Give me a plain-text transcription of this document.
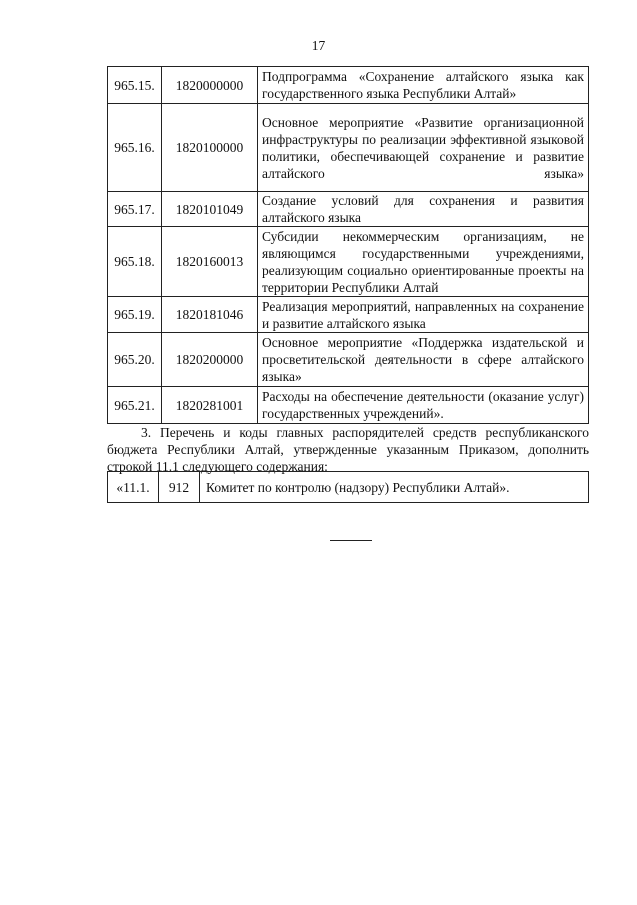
17
965.15.	1820000000	Подпрограмма «Сохранение алтайского языка как государственного языка Республики Алтай»
965.16.	1820100000	Основное мероприятие «Развитие организационной инфраструктуры по реализации эффективной языковой политики, обеспечивающей сохранение и развитие алтайского языка»
965.17.	1820101049	Создание условий для сохранения и развития алтайского языка
965.18.	1820160013	Субсидии некоммерческим организациям, не являющимся государственными учреждениями, реализующим социально ориентированные проекты на территории Республики Алтай
965.19.	1820181046	Реализация мероприятий, направленных на сохранение и развитие алтайского языка
965.20.	1820200000	Основное мероприятие «Поддержка издательской и просветительской деятельности в сфере алтайского языка»
965.21.	1820281001	Расходы на обеспечение деятельности (оказание услуг) государственных учреждений».
3. Перечень и коды главных распорядителей средств республиканского бюджета Республики Алтай, утвержденные указанным Приказом, дополнить строкой 11.1 следующего содержания:
«11.1.	912	Комитет по контролю (надзору) Республики Алтай».
